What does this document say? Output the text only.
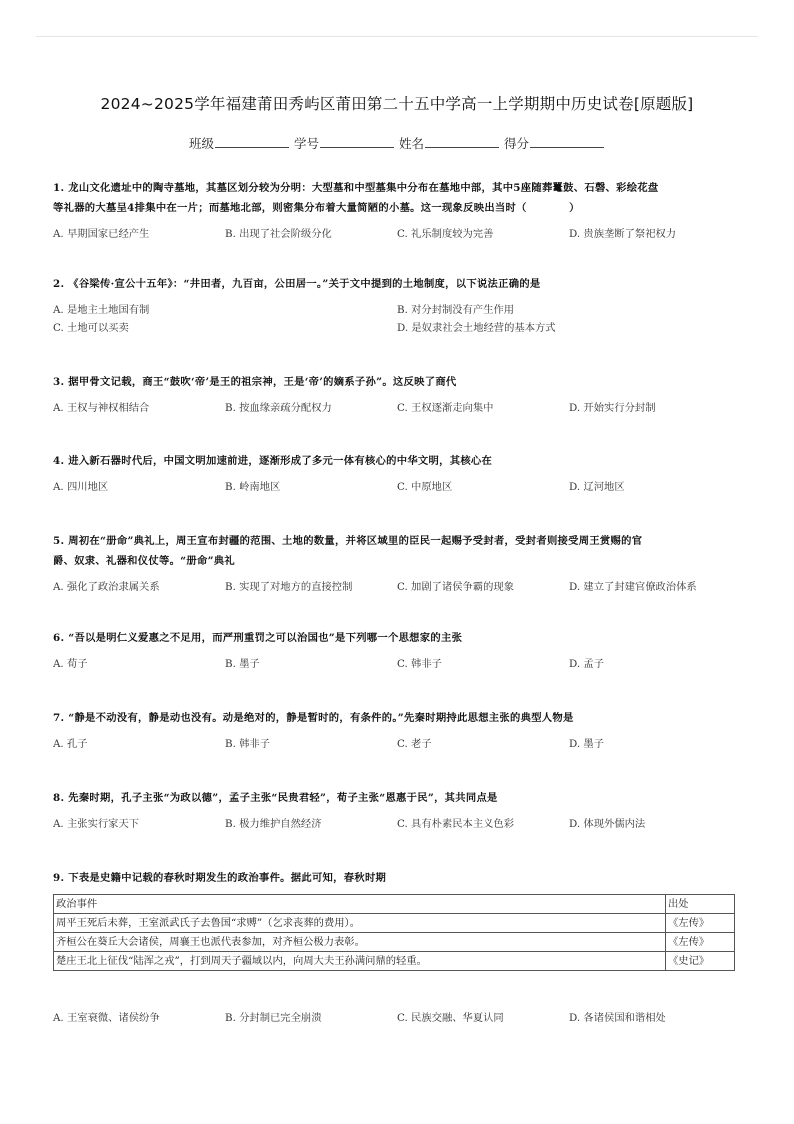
2024~2025学年福建莆田秀屿区莆田第二十五中学高一上学期期中历史试卷[原题版]
班级	学号	姓名	得分
1. 龙山文化遗址中的陶寺墓地，其墓区划分较为分明：大型墓和中型墓集中分布在墓地中部，其中5座随葬鼍鼓、石磬、彩绘花盘
等礼器的大墓呈4排集中在一片；而墓地北部，则密集分布着大量简陋的小墓。这一现象反映出当时（　　　　）
A. 早期国家已经产生	B. 出现了社会阶级分化	C. 礼乐制度较为完善	D. 贵族垄断了祭祀权力
2. 《谷梁传·宣公十五年》：“井田者，九百亩，公田居一。”关于文中提到的土地制度，以下说法正确的是
A. 是地主土地国有制	B. 对分封制没有产生作用
C. 土地可以买卖	D. 是奴隶社会土地经营的基本方式
3. 据甲骨文记载，商王“鼓吹‘帝’是王的祖宗神，王是‘帝’的嫡系子孙”。这反映了商代
A. 王权与神权相结合	B. 按血缘亲疏分配权力	C. 王权逐渐走向集中	D. 开始实行分封制
4. 进入新石器时代后，中国文明加速前进，逐渐形成了多元一体有核心的中华文明，其核心在
A. 四川地区	B. 岭南地区	C. 中原地区	D. 辽河地区
5. 周初在“册命”典礼上，周王宣布封疆的范围、土地的数量，并将区域里的臣民一起赐予受封者，受封者则接受周王赏赐的官
爵、奴隶、礼器和仪仗等。“册命”典礼
A. 强化了政治隶属关系	B. 实现了对地方的直接控制	C. 加剧了诸侯争霸的现象	D. 建立了封建官僚政治体系
6. “吾以是明仁义爱惠之不足用，而严刑重罚之可以治国也”是下列哪一个思想家的主张
A. 荀子	B. 墨子	C. 韩非子	D. 孟子
7. “静是不动没有，静是动也没有。动是绝对的，静是暂时的，有条件的。”先秦时期持此思想主张的典型人物是
A. 孔子	B. 韩非子	C. 老子	D. 墨子
8. 先秦时期，孔子主张“为政以德”，孟子主张“民贵君轻”，荀子主张“恩惠于民”，其共同点是
A. 主张实行家天下	B. 极力维护自然经济	C. 具有朴素民本主义色彩	D. 体现外儒内法
9. 下表是史籍中记载的春秋时期发生的政治事件。据此可知，春秋时期
政治事件	出处
周平王死后未葬，王室派武氏子去鲁国“求赙”（乞求丧葬的费用）。	《左传》
齐桓公在葵丘大会诸侯，周襄王也派代表参加，对齐桓公极力表彰。	《左传》
楚庄王北上征伐“陆浑之戎”，打到周天子疆域以内，向周大夫王孙满问鼎的轻重。	《史记》
A. 王室衰微、诸侯纷争	B. 分封制已完全崩溃	C. 民族交融、华夏认同	D. 各诸侯国和谐相处
